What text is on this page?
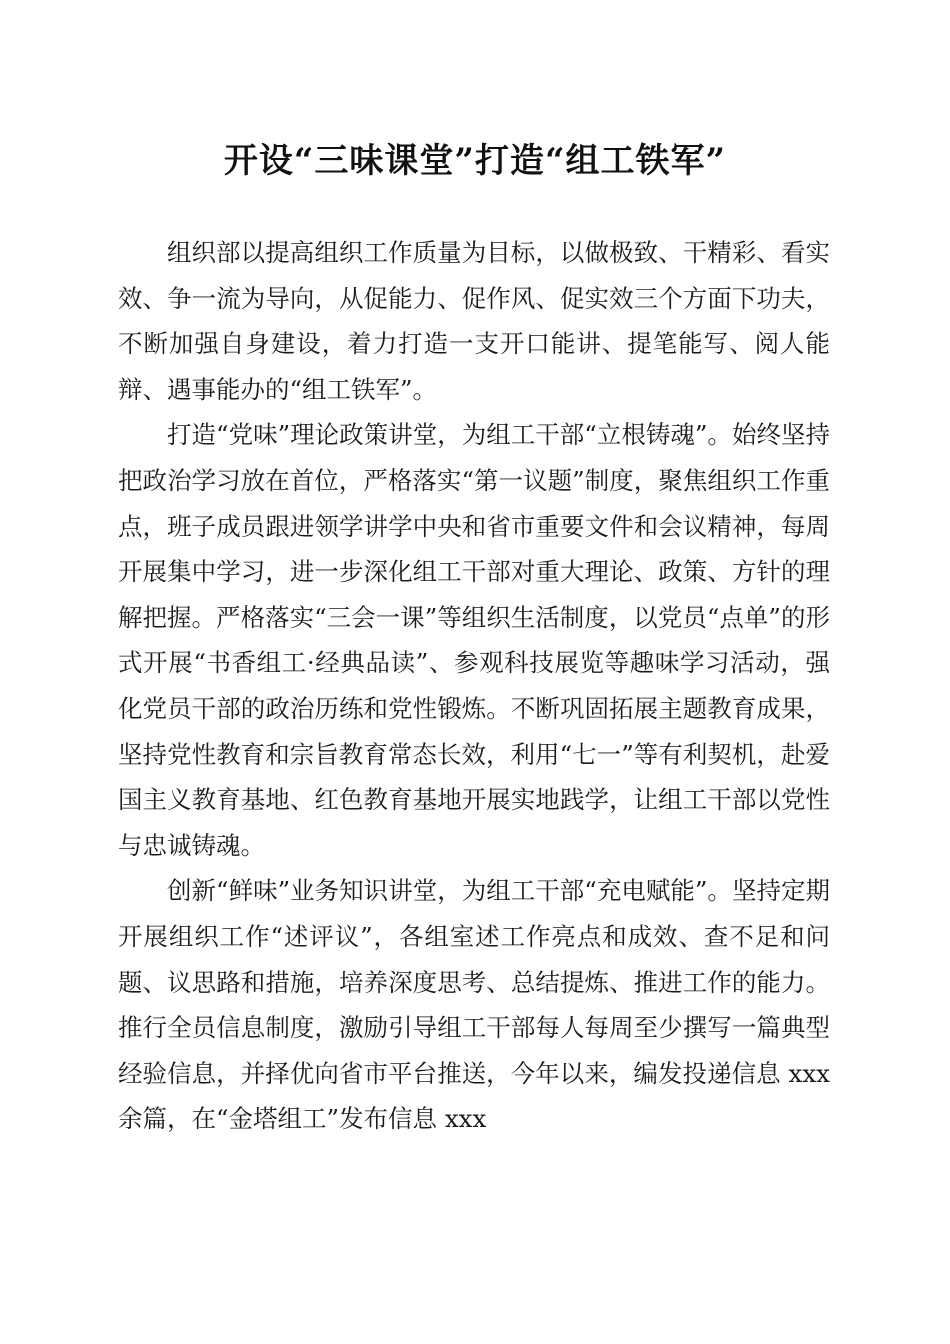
开设“三味课堂”打造“组工铁军”

组织部以提高组织工作质量为目标，以做极致、干精彩、看实效、争一流为导向，从促能力、促作风、促实效三个方面下功夫，不断加强自身建设，着力打造一支开口能讲、提笔能写、阅人能辩、遇事能办的“组工铁军”。

打造“党味”理论政策讲堂，为组工干部“立根铸魂”。始终坚持把政治学习放在首位，严格落实“第一议题”制度，聚焦组织工作重点，班子成员跟进领学讲学中央和省市重要文件和会议精神，每周开展集中学习，进一步深化组工干部对重大理论、政策、方针的理解把握。严格落实“三会一课”等组织生活制度，以党员“点单”的形式开展“书香组工·经典品读”、参观科技展览等趣味学习活动，强化党员干部的政治历练和党性锻炼。不断巩固拓展主题教育成果，坚持党性教育和宗旨教育常态长效，利用“七一”等有利契机，赴爱国主义教育基地、红色教育基地开展实地践学，让组工干部以党性与忠诚铸魂。

创新“鲜味”业务知识讲堂，为组工干部“充电赋能”。坚持定期开展组织工作“述评议”，各组室述工作亮点和成效、查不足和问题、议思路和措施，培养深度思考、总结提炼、推进工作的能力。推行全员信息制度，激励引导组工干部每人每周至少撰写一篇典型经验信息，并择优向省市平台推送，今年以来，编发投递信息 xxx 余篇，在“金塔组工”发布信息 xxx
